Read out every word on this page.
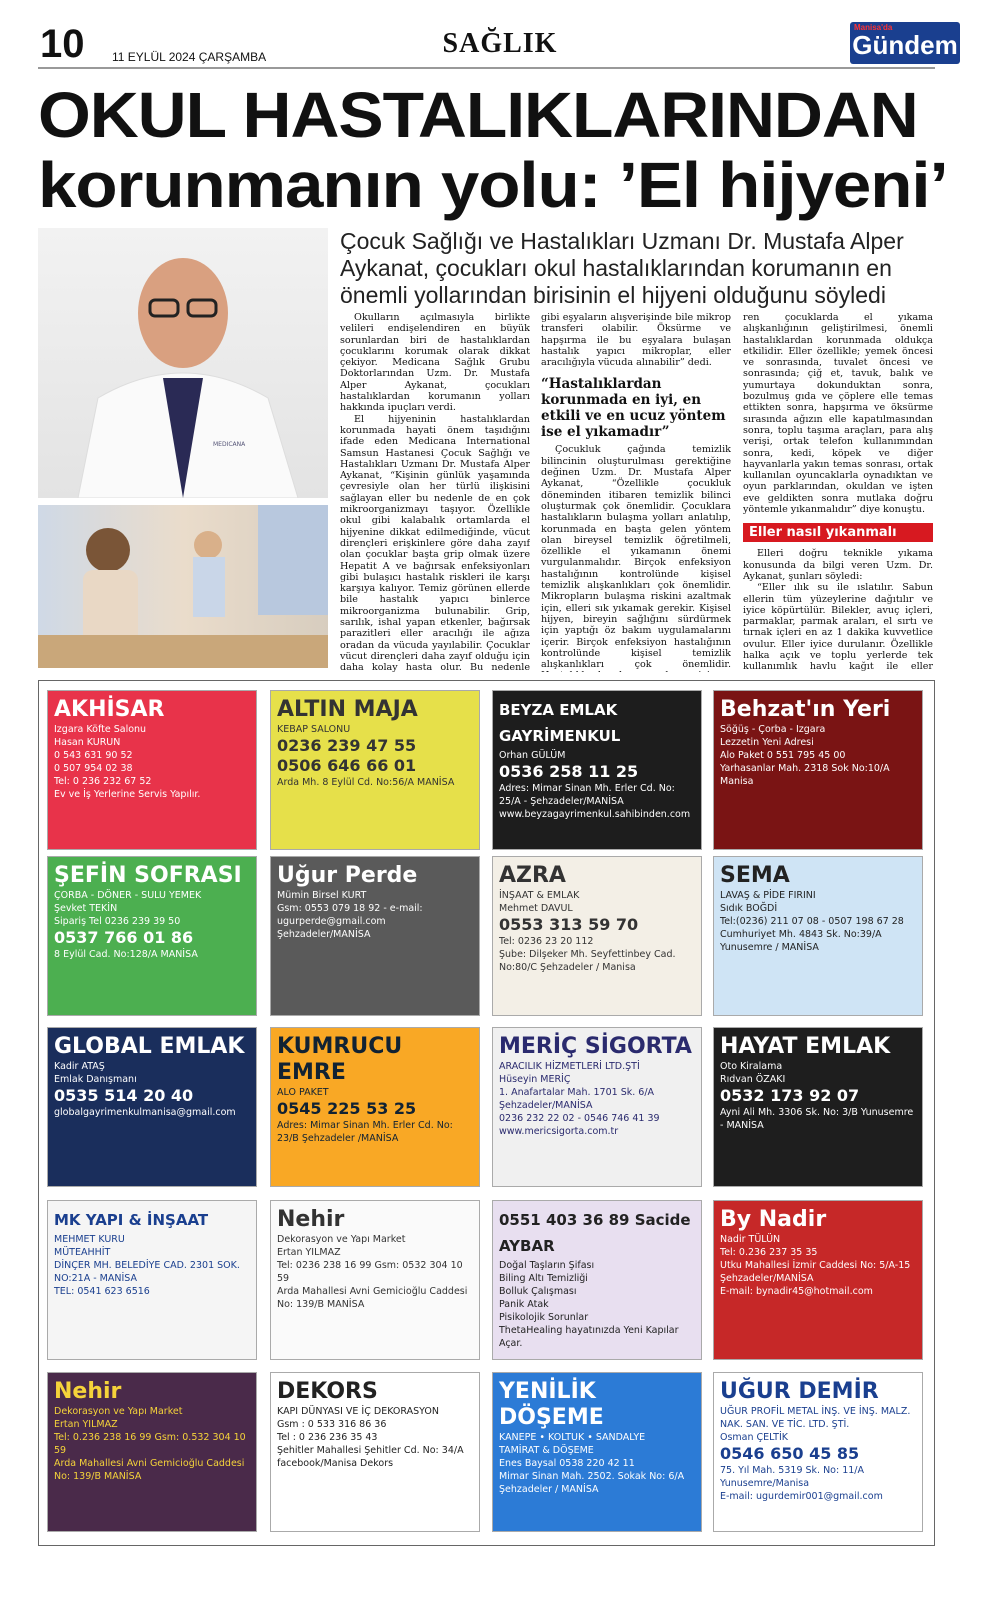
10 11 EYLÜL 2024 ÇARŞAMBA	SAĞLIK
Manisa'da
Gündem
OKUL HASTALIKLARINDAN
korunmanın yolu: ’El hijyeni’
MEDICANA
Çocuk Sağlığı ve Hastalıkları Uzmanı Dr. Mustafa Alper Aykanat, çocukları okul hastalıklarından korumanın en önemli yollarından birisinin el hijyeni olduğunu söyledi

Okulların açılmasıyla birlikte velileri endişelendiren en büyük sorunlardan biri de hastalıklardan çocuklarını korumak olarak dikkat çekiyor. Medicana Sağlık Grubu Doktorlarından Uzm. Dr. Mustafa Alper Aykanat, çocukları hastalıklardan korumanın yolları hakkında ipuçları verdi.

El hijyeninin hastalıklardan korunmada hayati önem taşıdığını ifade eden Medicana International Samsun Hastanesi Çocuk Sağlığı ve Hastalıkları Uzmanı Dr. Mustafa Alper Aykanat, “Kişinin günlük yaşamında çevresiyle olan her türlü ilişkisini sağlayan eller bu nedenle de en çok mikroorganizmayı taşıyor. Özellikle okul gibi kalabalık ortamlarda el hijyenine dikkat edilmediğinde, vücut dirençleri erişkinlere göre daha zayıf olan çocuklar başta grip olmak üzere Hepatit A ve bağırsak enfeksiyonları gibi bulaşıcı hastalık riskleri ile karşı karşıya kalıyor. Temiz görünen ellerde bile hastalık yapıcı binlerce mikroorganizma bulunabilir. Grip, sarılık, ishal yapan etkenler, bağırsak parazitleri eller aracılığı ile ağıza oradan da vücuda yayılabilir. Çocuklar vücut dirençleri daha zayıf olduğu için daha kolay hasta olur. Bu nedenle

gibi eşyaların alışverişinde bile mikrop transferi olabilir. Öksürme ve hapşırma ile bu eşyalara bulaşan hastalık yapıcı mikroplar, eller aracılığıyla vücuda alınabilir” dedi.

“Hastalıklardan korunmada en iyi, en etkili ve en ucuz yöntem ise el yıkamadır”

Çocukluk çağında temizlik bilincinin oluşturulması gerektiğine değinen Uzm. Dr. Mustafa Alper Aykanat, “Özellikle çocukluk döneminden itibaren temizlik bilinci oluşturmak çok önemlidir. Çocuklara hastalıkların bulaşma yolları anlatılıp, korunmada en başta gelen yöntem olan bireysel temizlik öğretilmeli, özellikle el yıkamanın önemi vurgulanmalıdır. Birçok enfeksiyon hastalığının kontrolünde kişisel temizlik alışkanlıkları çok önemlidir. Mikropların bulaşma riskini azaltmak için, elleri sık yıkamak gerekir. Kişisel hijyen, bireyin sağlığını sürdürmek için yaptığı öz bakım uygulamalarını içerir. Birçok enfeksiyon hastalığının kontrolünde kişisel temizlik alışkanlıkları çok önemlidir.

ren çocuklarda el yıkama alışkanlığının geliştirilmesi, önemli hastalıklardan korunmada oldukça etkilidir. Eller özellikle; yemek öncesi ve sonrasında, tuvalet öncesi ve sonrasında; çiğ et, tavuk, balık ve yumurtaya dokunduktan sonra, bozulmuş gıda ve çöplere elle temas ettikten sonra, hapşırma ve öksürme sırasında ağızın elle kapatılmasından sonra, toplu taşıma araçları, para alış verişi, ortak telefon kullanımından sonra, kedi, köpek ve diğer hayvanlarla yakın temas sonrası, ortak kullanılan oyuncaklarla oynadıktan ve oyun parklarından, okuldan ve işten eve geldikten sonra mutlaka doğru yöntemle yıkanmalıdır” diye konuştu.

Eller nasıl yıkanmalı

Elleri doğru teknikle yıkama konusunda da bilgi veren Uzm. Dr. Aykanat, şunları söyledi:

“Eller ılık su ile ıslatılır. Sabun ellerin tüm yüzeylerine dağıtılır ve iyice köpürtülür. Bilekler, avuç içleri, parmaklar, parmak araları, el sırtı ve tırnak içleri en az 1 dakika kuvvetlice ovulur. Eller iyice durulanır. Özellikle halka açık ve toplu yerlerde tek kullanımlık havlu kağıt ile eller

AKHİSAR
Izgara Köfte Salonu
Hasan KURUN
0 543 631 90 52
0 507 954 02 38
Tel: 0 236 232 67 52
Ev ve İş Yerlerine Servis Yapılır.
ALTIN MAJA
KEBAP SALONU
0236 239 47 55
0506 646 66 01
Arda Mh. 8 Eylül Cd. No:56/A MANİSA
BEYZA EMLAK GAYRİMENKUL
Orhan GÜLÜM
0536 258 11 25
Adres: Mimar Sinan Mh. Erler Cd. No: 25/A - Şehzadeler/MANİSA
www.beyzagayrimenkul.sahibinden.com
Behzat'ın Yeri
Söğüş - Çorba - Izgara
Lezzetin Yeni Adresi
Alo Paket 0 551 795 45 00
Yarhasanlar Mah. 2318 Sok No:10/A Manisa
ŞEFİN SOFRASI
ÇORBA - DÖNER - SULU YEMEK
Şevket TEKİN
Sipariş Tel 0236 239 39 50
0537 766 01 86
8 Eylül Cad. No:128/A MANİSA
Uğur Perde
Mümin Birsel KURT
Gsm: 0553 079 18 92 - e-mail: ugurperde@gmail.com
Şehzadeler/MANİSA
AZRA
İNŞAAT & EMLAK
Mehmet DAVUL
0553 313 59 70
Tel: 0236 23 20 112
Şube: Dilşeker Mh. Seyfettinbey Cad. No:80/C Şehzadeler / Manisa
SEMA
LAVAŞ & PİDE FIRINI
Sıdık BOĞDİ
Tel:(0236) 211 07 08 - 0507 198 67 28
Cumhuriyet Mh. 4843 Sk. No:39/A Yunusemre / MANİSA
GLOBAL EMLAK
Kadir ATAŞ
Emlak Danışmanı
0535 514 20 40
globalgayrimenkulmanisa@gmail.com
KUMRUCU EMRE
ALO PAKET
0545 225 53 25
Adres: Mimar Sinan Mh. Erler Cd. No: 23/B Şehzadeler /MANİSA
MERİÇ SİGORTA
ARACILIK HİZMETLERİ LTD.ŞTİ
Hüseyin MERİÇ
1. Anafartalar Mah. 1701 Sk. 6/A Şehzadeler/MANİSA
0236 232 22 02 - 0546 746 41 39
www.mericsigorta.com.tr
HAYAT EMLAK
Oto Kiralama
Rıdvan ÖZAKI
0532 173 92 07
Ayni Ali Mh. 3306 Sk. No: 3/B Yunusemre - MANİSA
MK YAPI & İNŞAAT
MEHMET KURU
MÜTEAHHİT
DİNÇER MH. BELEDİYE CAD. 2301 SOK. NO:21A - MANİSA
TEL: 0541 623 6516
Nehir
Dekorasyon ve Yapı Market
Ertan YILMAZ
Tel: 0236 238 16 99 Gsm: 0532 304 10 59
Arda Mahallesi Avni Gemicioğlu Caddesi No: 139/B MANİSA
0551 403 36 89 Sacide AYBAR
Doğal Taşların Şifası
Biling Altı Temizliği
Bolluk Çalışması
Panik Atak
Pisikolojik Sorunlar
ThetaHealing hayatınızda Yeni Kapılar Açar.
By Nadir
Nadir TÜLÜN
Tel: 0.236 237 35 35
Utku Mahallesi İzmir Caddesi No: 5/A-15 Şehzadeler/MANİSA
E-mail: bynadir45@hotmail.com
Nehir
Dekorasyon ve Yapı Market
Ertan YILMAZ
Tel: 0.236 238 16 99 Gsm: 0.532 304 10 59
Arda Mahallesi Avni Gemicioğlu Caddesi No: 139/B MANİSA
DEKORS
KAPI DÜNYASI VE İÇ DEKORASYON
Gsm : 0 533 316 86 36
Tel : 0 236 236 35 43
Şehitler Mahallesi Şehitler Cd. No: 34/A
facebook/Manisa Dekors
YENİLİK DÖŞEME
KANEPE • KOLTUK • SANDALYE
TAMİRAT & DÖŞEME
Enes Baysal 0538 220 42 11
Mimar Sinan Mah. 2502. Sokak No: 6/A Şehzadeler / MANİSA
UĞUR DEMİR
UĞUR PROFİL METAL İNŞ. VE İNŞ. MALZ. NAK. SAN. VE TİC. LTD. ŞTİ.
Osman ÇELTİK
0546 650 45 85
75. Yıl Mah. 5319 Sk. No: 11/A Yunusemre/Manisa
E-mail: ugurdemir001@gmail.com
